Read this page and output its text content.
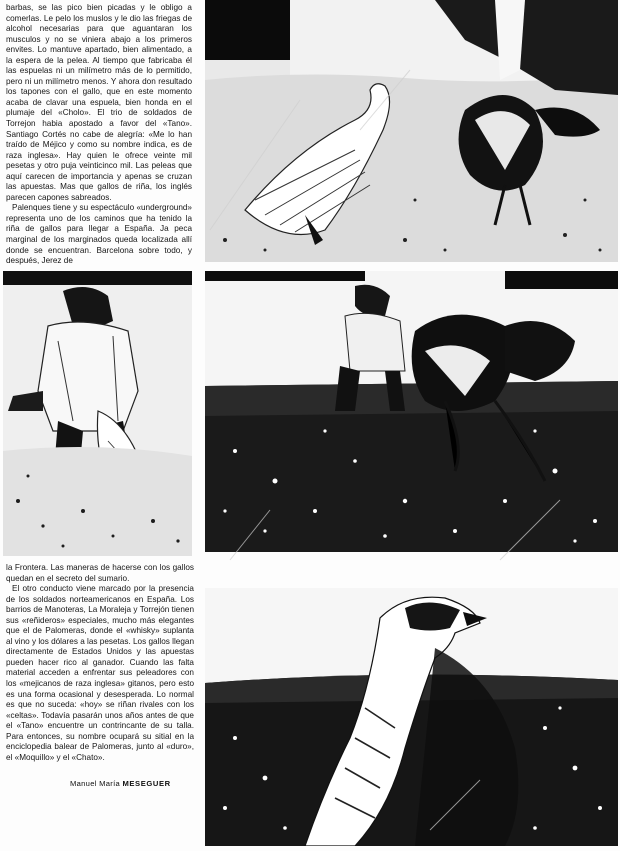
barbas, se las pico bien picadas y le obligo a comerlas. Le pelo los muslos y le dio las friegas de alcohol necesarias para que aguantaran los musculos y no se viniera abajo a los primeros envites. Lo mantuve apartado, bien alimentado, a la espera de la pelea. Al tiempo que fabricaba él las espuelas ni un milímetro más de lo permitido, pero ni un milímetro menos. Y ahora don resultado los tapones con el gallo, que en este momento acaba de clavar una espuela, bien honda en el plumaje del «Cholo». El trio de soldados de Torrejon habia apostado a favor del «Tano». Santiago Cortés no cabe de alegría: «Me lo han traído de Méjico y como su nombre indica, es de raza inglesa». Hay quien le ofrece veinte mil pesetas y otro puja veinticinco mil. Las peleas que aquí carecen de importancia y apenas se cruzan las apuestas. Mas que gallos de riña, los inglés parecen capones sabreados.

Palenques tiene y su espectáculo «underground» representa uno de los caminos que ha tenido la riña de gallos para llegar a España. Ja peca marginal de los marginados queda localizada allí donde se encuentran. Barcelona sobre todo, y después, Jerez de

la Frontera. Las maneras de hacerse con los gallos quedan en el secreto del sumario.

El otro conducto viene marcado por la presencia de los soldados norteamericanos en España. Los barrios de Manoteras, La Moraleja y Torrejón tienen sus «reñideros» especiales, mucho más elegantes que el de Palomeras, donde el «whisky» suplanta al vino y los dólares a las pesetas. Los gallos llegan directamente de Estados Unidos y las apuestas pueden hacer rico al ganador. Cuando las falta material acceden a enfrentar sus peleadores con los «mejicanos de raza inglesa» gitanos, pero esto es una forma ocasional y desesperada. Lo normal es que no suceda: «hoy» se riñan rivales con los «celtas». Todavía pasarán unos años antes de que el «Tano» encuentre un contrincante de su talla. Para entonces, su nombre ocupará su sitial en la enciclopedia balear de Palomeras, junto al «duro», el «Moquillo» y el «Chato».

Manuel María MESEGUER
